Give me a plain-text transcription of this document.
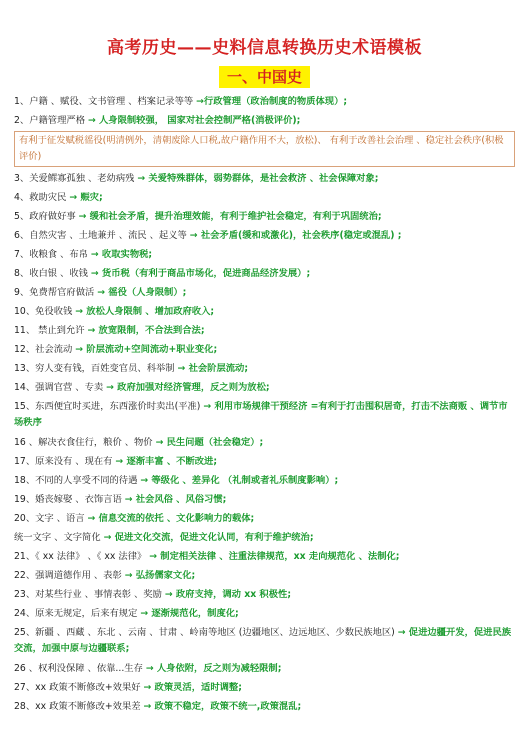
高考历史——史料信息转换历史术语模板
一、中国史
1、户籍 、赋役、文书管理 、档案记录等等 →行政管理（政治制度的物质体现）;
2、户籍管理严格 → 人身限制较强， 国家对社会控制严格(消极评价);
有利于征发赋税徭役(明清例外，清朝废除人口税,故户籍作用不大，放松)、 有利于改善社会治理 、稳定社会秩序(积极评价)
3、关爱鳏寡孤独 、老幼病残 → 关爱特殊群体，弱势群体，是社会救济 、社会保障对象;
4、救助灾民 → 赈灾;
5、政府做好事 → 缓和社会矛盾，提升治理效能，有利于维护社会稳定，有利于巩固统治;
6、自然灾害 、土地兼并 、流民 、起义等 → 社会矛盾(缓和或激化)，社会秩序(稳定或混乱) ;
7、收粮食 、布帛 → 收取实物税;
8、收白银 、收钱 → 货币税（有利于商品市场化，促进商品经济发展）;
9、免费帮官府做活 → 徭役（人身限制）;
10、免役收钱 → 放松人身限制 、增加政府收入;
11、 禁止到允许 → 放宽限制，不合法到合法;
12、社会流动 → 阶层流动+空间流动+职业变化;
13、穷人变有钱，百姓变官员、科举制 → 社会阶层流动;
14、强调官营 、专卖 → 政府加强对经济管理，反之则为放松;
15、东西便宜时买进，东西涨价时卖出(平准) → 利用市场规律干预经济 =有利于打击囤积居奇，打击不法商贩 、调节市场秩序
16 、解决衣食住行，粮价 、物价 → 民生问题（社会稳定）;
17、原来没有 、现在有 → 逐渐丰富 、不断改进;
18、不同的人享受不同的待遇 → 等级化 、差异化 （礼制或者礼乐制度影响）;
19、婚丧嫁娶 、衣饰言语 → 社会风俗 、风俗习惯;
20、文字 、语言 → 信息交流的依托 、文化影响力的载体;
统一文字 、文字简化 → 促进文化交流，促进文化认同，有利于维护统治;
21、《 xx 法律》 、《 xx 法律》 → 制定相关法律 、注重法律规范，xx 走向规范化 、法制化;
22、强调道德作用 、表彰 → 弘扬儒家文化;
23、对某些行业 、事情表彰 、奖励 → 政府支持，调动 xx 积极性;
24、原来无规定，后来有规定 → 逐渐规范化，制度化;
25、新疆 、西藏 、东北 、云南 、甘肃 、岭南等地区 (边疆地区、边远地区、少数民族地区) → 促进边疆开发，促进民族交流，加强中原与边疆联系;
26 、权利没保障 、依靠...生存 → 人身依附，反之则为减轻限制;
27、xx 政策不断修改+效果好 → 政策灵活，适时调整;
28、xx 政策不断修改+效果差 → 政策不稳定，政策不统一,政策混乱;
